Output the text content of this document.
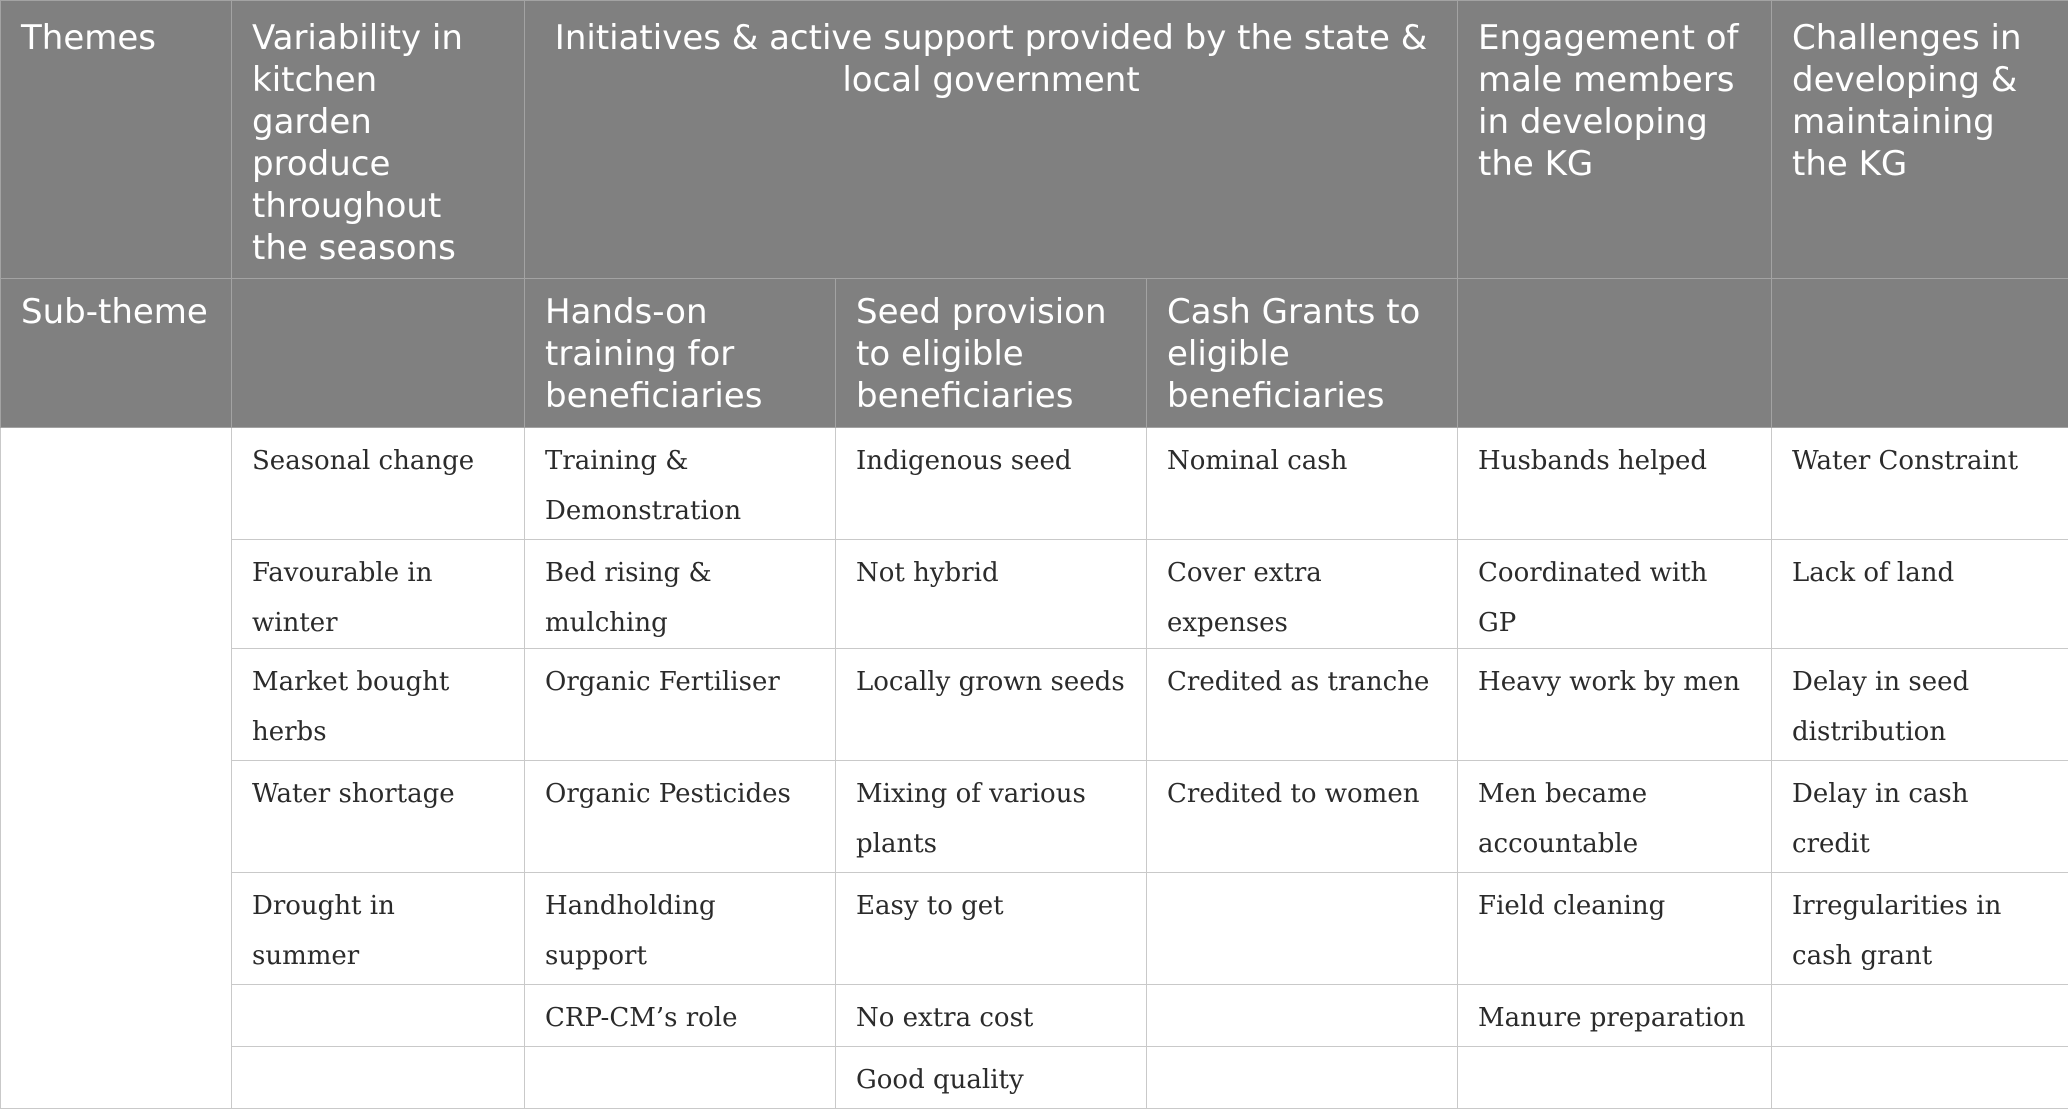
Themes	Variability in kitchen garden produce throughout the seasons	Initiatives & active support provided by the state & local government			Engagement of male members in developing the KG	Challenges in developing & maintaining the KG
Sub-theme		Hands-on training for beneficiaries	Seed provision to eligible beneficiaries	Cash Grants to eligible beneficiaries		
	Seasonal change	Training & Demonstration	Indigenous seed	Nominal cash	Husbands helped	Water Constraint
	Favourable in winter	Bed rising & mulching	Not hybrid	Cover extra expenses	Coordinated with GP	Lack of land
	Market bought herbs	Organic Fertiliser	Locally grown seeds	Credited as tranche	Heavy work by men	Delay in seed distribution
	Water shortage	Organic Pesticides	Mixing of various plants	Credited to women	Men became accountable	Delay in cash credit
	Drought in summer	Handholding support	Easy to get		Field cleaning	Irregularities in cash grant
		CRP-CM’s role	No extra cost		Manure preparation	
			Good quality			
